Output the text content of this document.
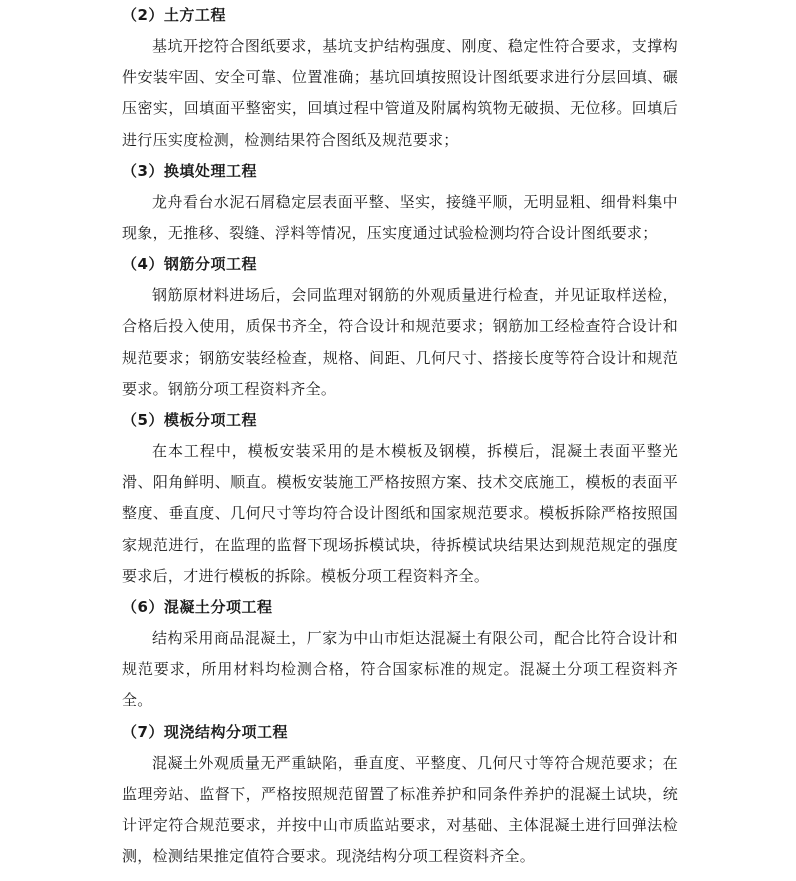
（2）土方工程

基坑开挖符合图纸要求，基坑支护结构强度、刚度、稳定性符合要求，支撑构件安装牢固、安全可靠、位置准确；基坑回填按照设计图纸要求进行分层回填、碾压密实，回填面平整密实，回填过程中管道及附属构筑物无破损、无位移。回填后进行压实度检测，检测结果符合图纸及规范要求；

（3）换填处理工程

龙舟看台水泥石屑稳定层表面平整、坚实，接缝平顺，无明显粗、细骨料集中现象，无推移、裂缝、浮料等情况，压实度通过试验检测均符合设计图纸要求；

（4）钢筋分项工程

钢筋原材料进场后，会同监理对钢筋的外观质量进行检查，并见证取样送检，合格后投入使用，质保书齐全，符合设计和规范要求；钢筋加工经检查符合设计和规范要求；钢筋安装经检查，规格、间距、几何尺寸、搭接长度等符合设计和规范要求。钢筋分项工程资料齐全。

（5）模板分项工程

在本工程中，模板安装采用的是木模板及钢模，拆模后，混凝土表面平整光滑、阳角鲜明、顺直。模板安装施工严格按照方案、技术交底施工，模板的表面平整度、垂直度、几何尺寸等均符合设计图纸和国家规范要求。模板拆除严格按照国家规范进行，在监理的监督下现场拆模试块，待拆模试块结果达到规范规定的强度要求后，才进行模板的拆除。模板分项工程资料齐全。

（6）混凝土分项工程

结构采用商品混凝土，厂家为中山市炬达混凝土有限公司，配合比符合设计和规范要求，所用材料均检测合格，符合国家标准的规定。混凝土分项工程资料齐全。

（7）现浇结构分项工程

混凝土外观质量无严重缺陷，垂直度、平整度、几何尺寸等符合规范要求；在监理旁站、监督下，严格按照规范留置了标准养护和同条件养护的混凝土试块，统计评定符合规范要求，并按中山市质监站要求，对基础、主体混凝土进行回弹法检测，检测结果推定值符合要求。现浇结构分项工程资料齐全。
